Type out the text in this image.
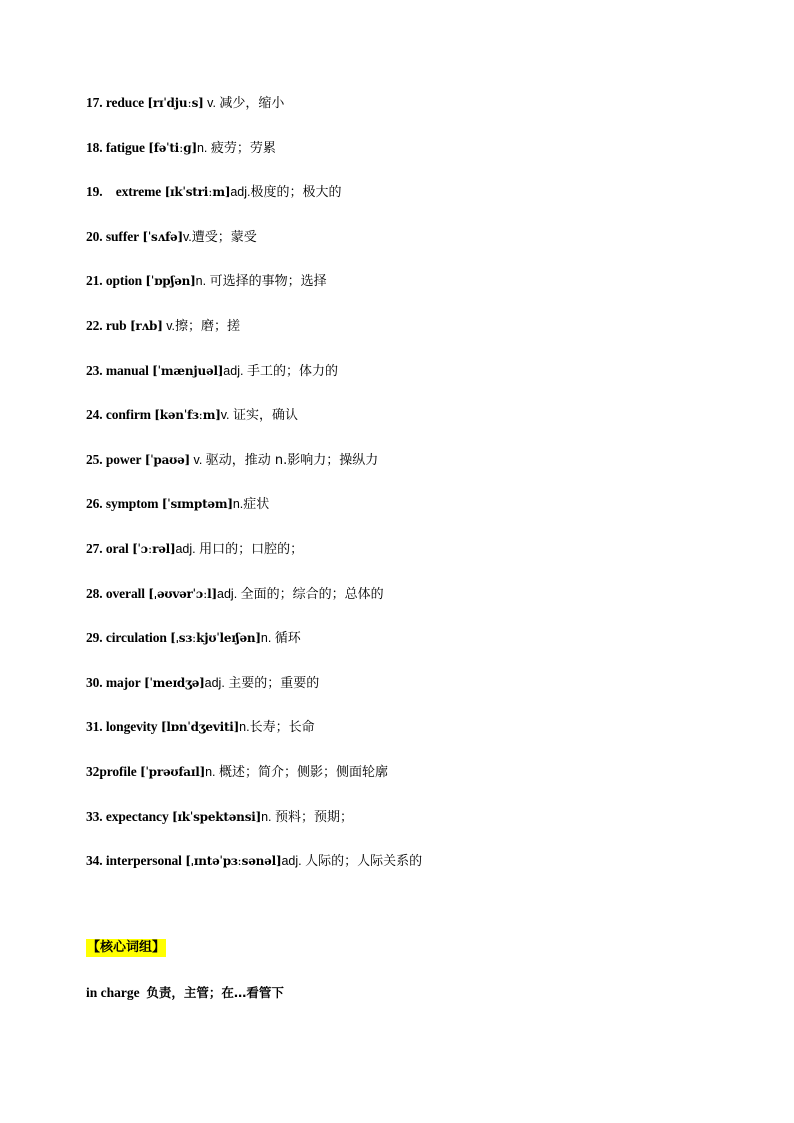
17. reduce [rɪˈdjuːs] v. 减少，缩小
18. fatigue [fəˈtiːɡ]n. 疲劳；劳累
19. extreme [ɪkˈstriːm]adj.极度的；极大的
20. suffer [ˈsʌfə]v.遭受；蒙受
21. option [ˈɒpʃən]n. 可选择的事物；选择
22. rub [rʌb] v.擦；磨；搓
23. manual [ˈmænjuəl]adj. 手工的；体力的
24. confirm [kənˈfɜːm]v. 证实，确认
25. power [ˈpaʊə] v. 驱动，推动 n.影响力；操纵力
26. symptom [ˈsɪmptəm]n.症状
27. oral [ˈɔːrəl]adj. 用口的；口腔的；
28. overall [ˌəʊvərˈɔːl]adj. 全面的；综合的；总体的
29. circulation [ˌsɜːkjʊˈleɪʃən]n. 循环
30. major [ˈmeɪdʒə]adj. 主要的；重要的
31. longevity [lɒnˈdʒeviti]n.长寿；长命
32profile [ˈprəʊfaɪl]n. 概述；简介；侧影；侧面轮廓
33. expectancy [ɪkˈspektənsi]n. 预料；预期；
34. interpersonal [ˌɪntəˈpɜːsənəl]adj. 人际的；人际关系的
【核心词组】
in charge 负责，主管；在…看管下
